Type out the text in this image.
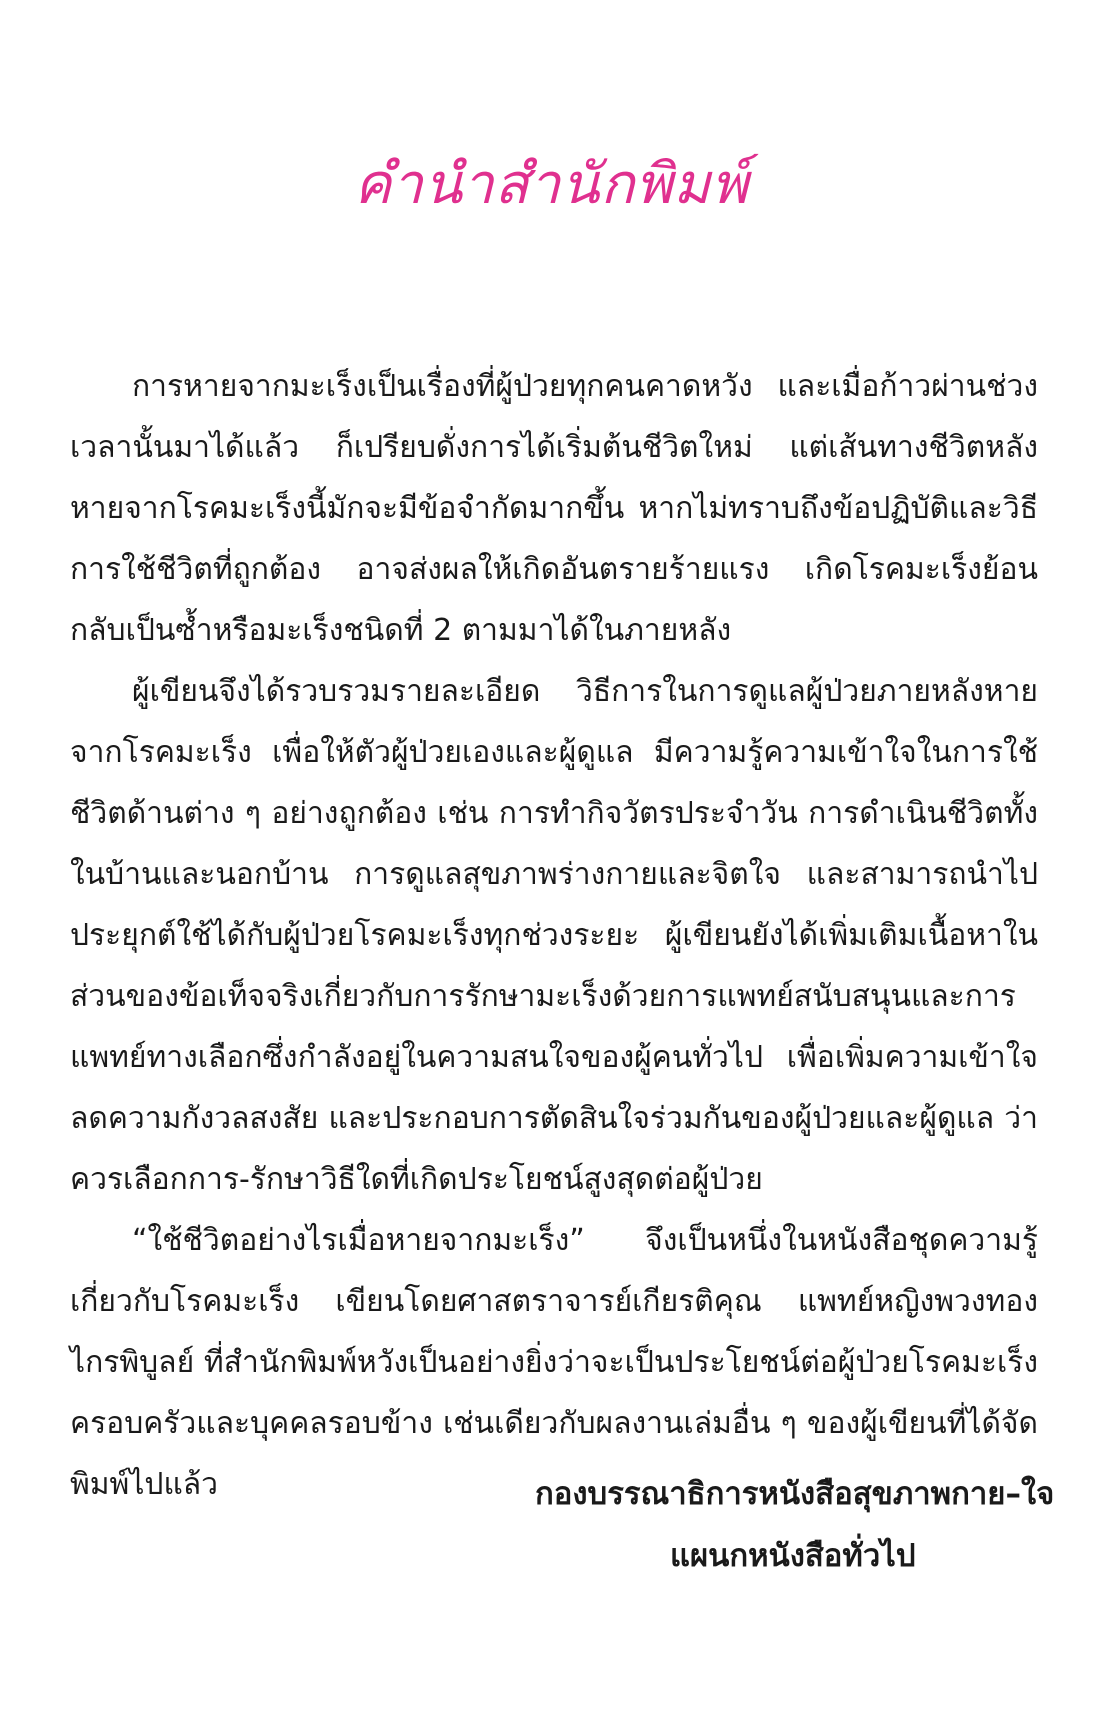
คำนำสำนักพิมพ์

การหายจากมะเร็งเป็นเรื่องที่ผู้ป่วยทุกคนคาดหวัง และเมื่อก้าวผ่านช่วงเวลานั้นมาได้แล้ว ก็เปรียบดั่งการได้เริ่มต้นชีวิตใหม่ แต่เส้นทางชีวิตหลังหายจากโรคมะเร็งนี้มักจะมีข้อจำกัดมากขึ้น หากไม่ทราบถึงข้อปฏิบัติและวิธีการใช้ชีวิตที่ถูกต้อง อาจส่งผลให้เกิดอันตรายร้ายแรง เกิดโรคมะเร็งย้อนกลับเป็นซ้ำหรือมะเร็งชนิดที่ 2 ตามมาได้ในภายหลัง

ผู้เขียนจึงได้รวบรวมรายละเอียด วิธีการในการดูแลผู้ป่วยภายหลังหายจากโรคมะเร็ง เพื่อให้ตัวผู้ป่วยเองและผู้ดูแล มีความรู้ความเข้าใจในการใช้ชีวิตด้านต่าง ๆ อย่างถูกต้อง เช่น การทำกิจวัตรประจำวัน การดำเนินชีวิตทั้งในบ้านและนอกบ้าน การดูแลสุขภาพร่างกายและจิตใจ และสามารถนำไปประยุกต์ใช้ได้กับผู้ป่วยโรคมะเร็งทุกช่วงระยะ ผู้เขียนยังได้เพิ่มเติมเนื้อหาในส่วนของข้อเท็จจริงเกี่ยวกับการรักษามะเร็งด้วยการแพทย์สนับสนุนและการแพทย์ทางเลือกซึ่งกำลังอยู่ในความสนใจของผู้คนทั่วไป เพื่อเพิ่มความเข้าใจ ลดความกังวลสงสัย และประกอบการตัดสินใจร่วมกันของผู้ป่วยและผู้ดูแล ว่าควรเลือกการ-รักษาวิธีใดที่เกิดประโยชน์สูงสุดต่อผู้ป่วย

“ใช้ชีวิตอย่างไรเมื่อหายจากมะเร็ง” จึงเป็นหนึ่งในหนังสือชุดความรู้เกี่ยวกับโรคมะเร็ง เขียนโดยศาสตราจารย์เกียรติคุณ แพทย์หญิงพวงทอง ไกรพิบูลย์ ที่สำนักพิมพ์หวังเป็นอย่างยิ่งว่าจะเป็นประโยชน์ต่อผู้ป่วยโรคมะเร็ง ครอบครัวและบุคคลรอบข้าง เช่นเดียวกับผลงานเล่มอื่น ๆ ของผู้เขียนที่ได้จัดพิมพ์ไปแล้ว	กองบรรณาธิการหนังสือสุขภาพกาย–ใจ
แผนกหนังสือทั่วไป
